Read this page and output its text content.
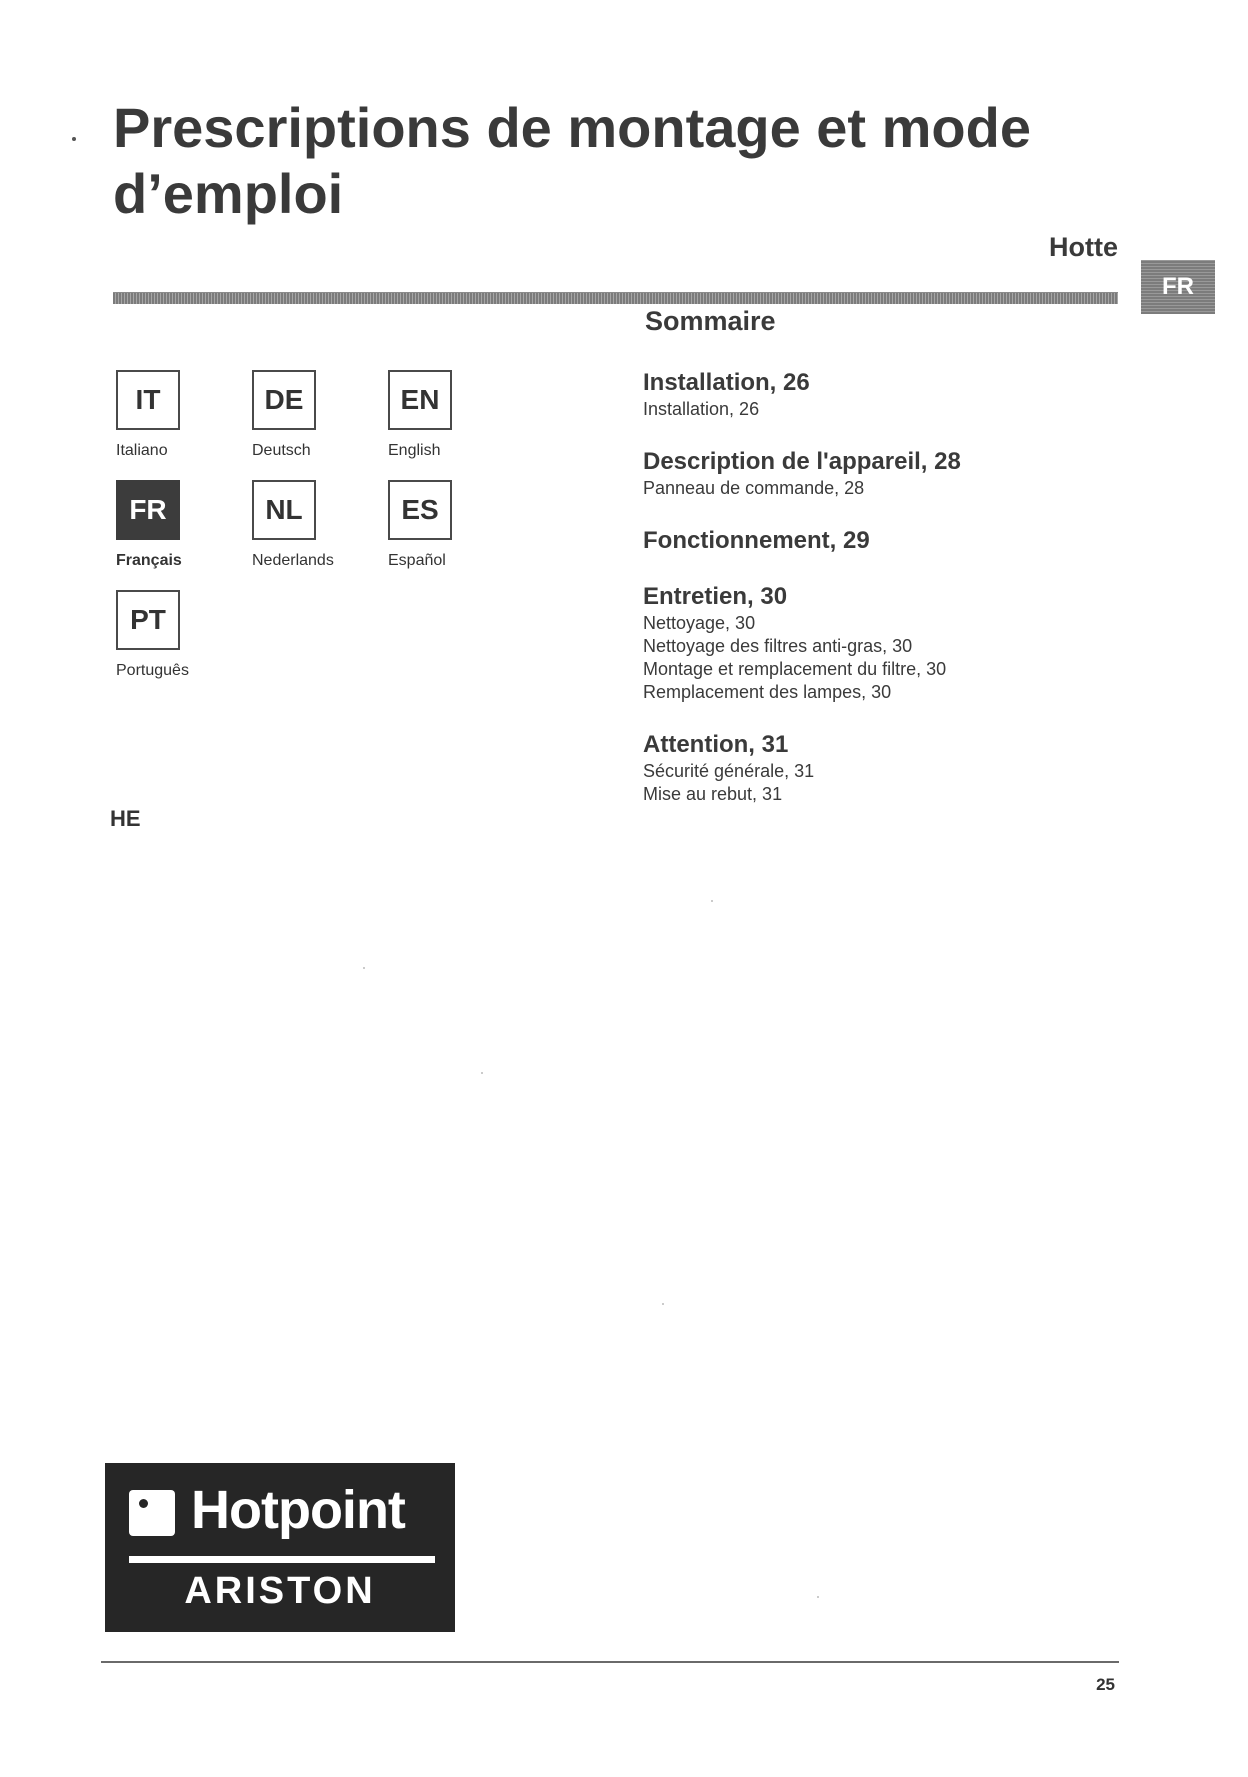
Prescriptions de montage et mode
d’emploi
Hotte
FR
IT
Italiano
DE
Deutsch
EN
English
FR
Français
NL
Nederlands
ES
Español
PT
Português
HE
Sommaire
Installation, 26
Installation, 26
Description de l'appareil, 28
Panneau de commande, 28
Fonctionnement, 29
Entretien, 30
Nettoyage, 30
Nettoyage des filtres anti-gras, 30
Montage et remplacement du filtre, 30
Remplacement des lampes, 30
Attention, 31
Sécurité générale, 31
Mise au rebut, 31
Hotpoint
ARISTON
25
